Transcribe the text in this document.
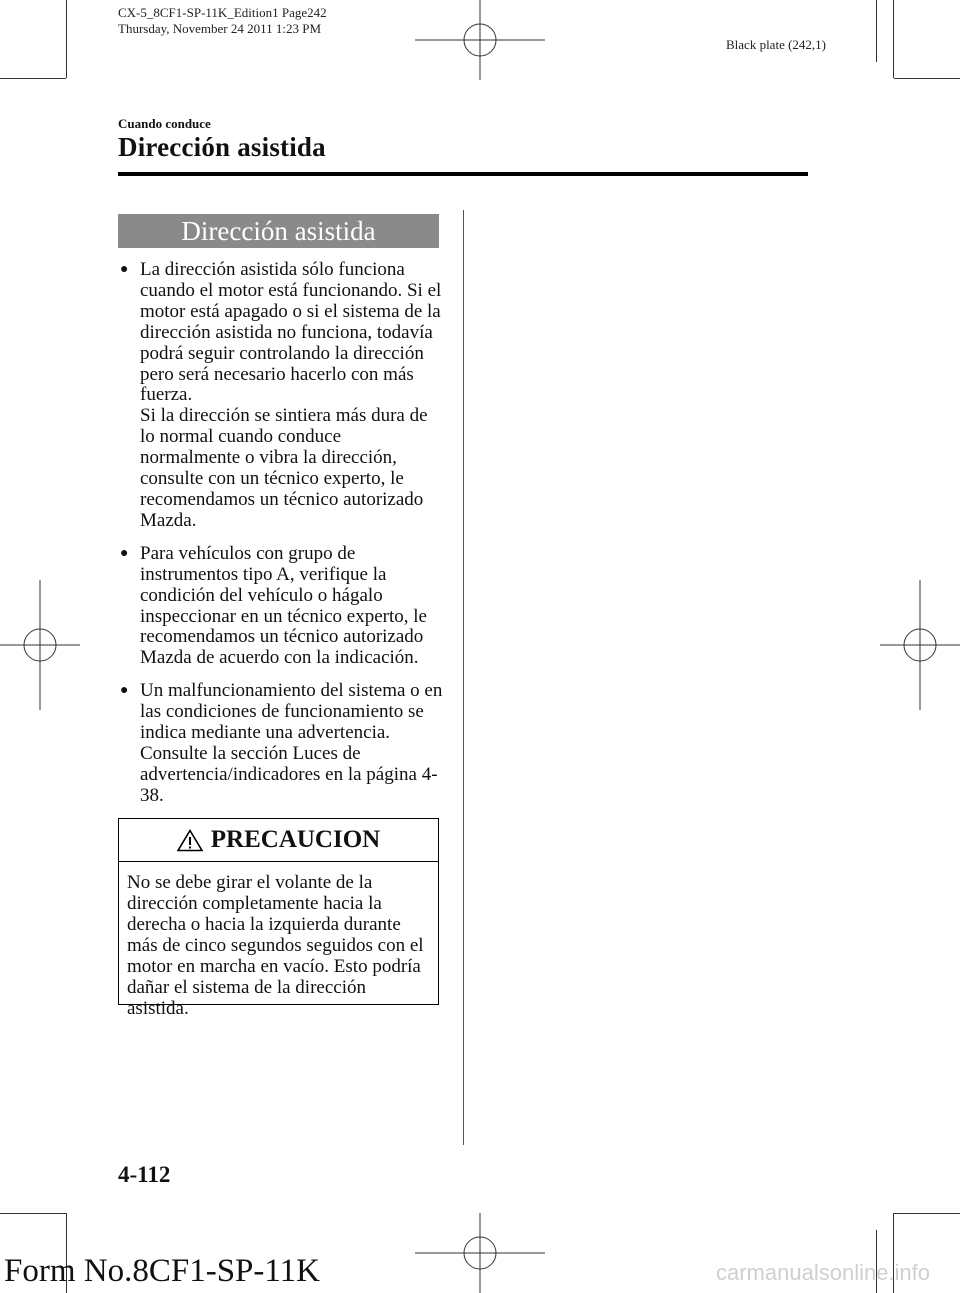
CX-5_8CF1-SP-11K_Edition1 Page242
Thursday, November 24 2011 1:23 PM
Black plate (242,1)
Cuando conduce
Dirección asistida
Dirección asistida
● La dirección asistida sólo funciona cuando el motor está funcionando. Si el motor está apagado o si el sistema de la dirección asistida no funciona, todavía podrá seguir controlando la dirección pero será necesario hacerlo con más fuerza.

Si la dirección se sintiera más dura de lo normal cuando conduce normalmente o vibra la dirección, consulte con un técnico experto, le recomendamos un técnico autorizado Mazda.

● Para vehículos con grupo de instrumentos tipo A, verifique la condición del vehículo o hágalo inspeccionar en un técnico experto, le recomendamos un técnico autorizado Mazda de acuerdo con la indicación.

● Un malfuncionamiento del sistema o en las condiciones de funcionamiento se indica mediante una advertencia. Consulte la sección Luces de advertencia/indicadores en la página 4-38.

PRECAUCION
No se debe girar el volante de la dirección completamente hacia la derecha o hacia la izquierda durante más de cinco segundos seguidos con el motor en marcha en vacío. Esto podría dañar el sistema de la dirección asistida.
4-112
Form No.8CF1-SP-11K	carmanualsonline.info
